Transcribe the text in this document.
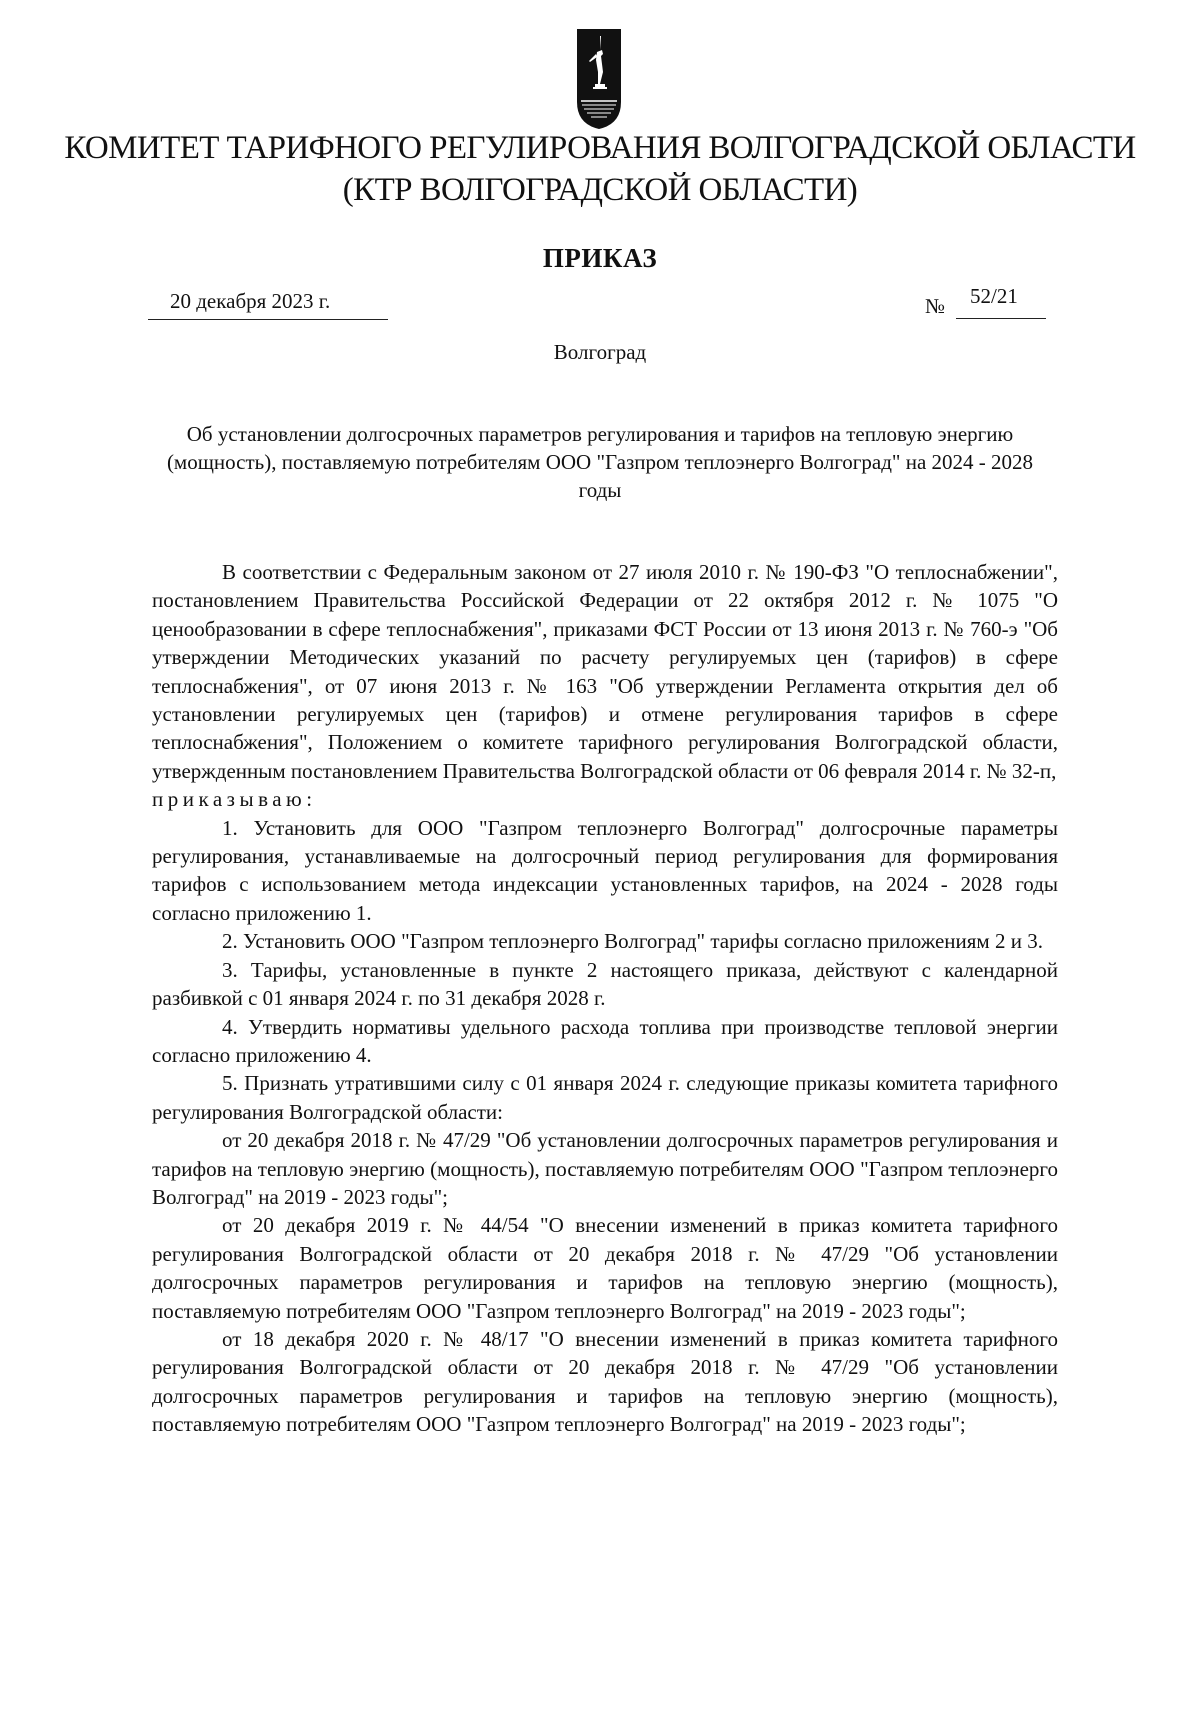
КОМИТЕТ ТАРИФНОГО РЕГУЛИРОВАНИЯ ВОЛГОГРАДСКОЙ ОБЛАСТИ
(КТР ВОЛГОГРАДСКОЙ ОБЛАСТИ)
ПРИКАЗ
20 декабря 2023 г.	№ 52/21
Волгоград
Об установлении долгосрочных параметров регулирования и тарифов на тепловую энергию (мощность), поставляемую потребителям ООО "Газпром теплоэнерго Волгоград" на 2024 - 2028 годы

В соответствии с Федеральным законом от 27 июля 2010 г. № 190-ФЗ "О теплоснабжении", постановлением Правительства Российской Федерации от 22 октября 2012 г. № 1075 "О ценообразовании в сфере теплоснабжения", приказами ФСТ России от 13 июня 2013 г. № 760-э "Об утверждении Методических указаний по расчету регулируемых цен (тарифов) в сфере теплоснабжения", от 07 июня 2013 г. № 163 "Об утверждении Регламента открытия дел об установлении регулируемых цен (тарифов) и отмене регулирования тарифов в сфере теплоснабжения", Положением о комитете тарифного регулирования Волгоградской области, утвержденным постановлением Правительства Волгоградской области от 06 февраля 2014 г. № 32-п,

приказываю:

1. Установить для ООО "Газпром теплоэнерго Волгоград" долгосрочные параметры регулирования, устанавливаемые на долгосрочный период регулирования для формирования тарифов с использованием метода индексации установленных тарифов, на 2024 - 2028 годы согласно приложению 1.

2. Установить ООО "Газпром теплоэнерго Волгоград" тарифы согласно приложениям 2 и 3.

3. Тарифы, установленные в пункте 2 настоящего приказа, действуют с календарной разбивкой с 01 января 2024 г. по 31 декабря 2028 г.

4. Утвердить нормативы удельного расхода топлива при производстве тепловой энергии согласно приложению 4.

5. Признать утратившими силу с 01 января 2024 г. следующие приказы комитета тарифного регулирования Волгоградской области:

от 20 декабря 2018 г. № 47/29 "Об установлении долгосрочных параметров регулирования и тарифов на тепловую энергию (мощность), поставляемую потребителям ООО "Газпром теплоэнерго Волгоград" на 2019 - 2023 годы";

от 20 декабря 2019 г. № 44/54 "О внесении изменений в приказ комитета тарифного регулирования Волгоградской области от 20 декабря 2018 г. № 47/29 "Об установлении долгосрочных параметров регулирования и тарифов на тепловую энергию (мощность), поставляемую потребителям ООО "Газпром теплоэнерго Волгоград" на 2019 - 2023 годы";

от 18 декабря 2020 г. № 48/17 "О внесении изменений в приказ комитета тарифного регулирования Волгоградской области от 20 декабря 2018 г. № 47/29 "Об установлении долгосрочных параметров регулирования и тарифов на тепловую энергию (мощность), поставляемую потребителям ООО "Газпром теплоэнерго Волгоград" на 2019 - 2023 годы";
